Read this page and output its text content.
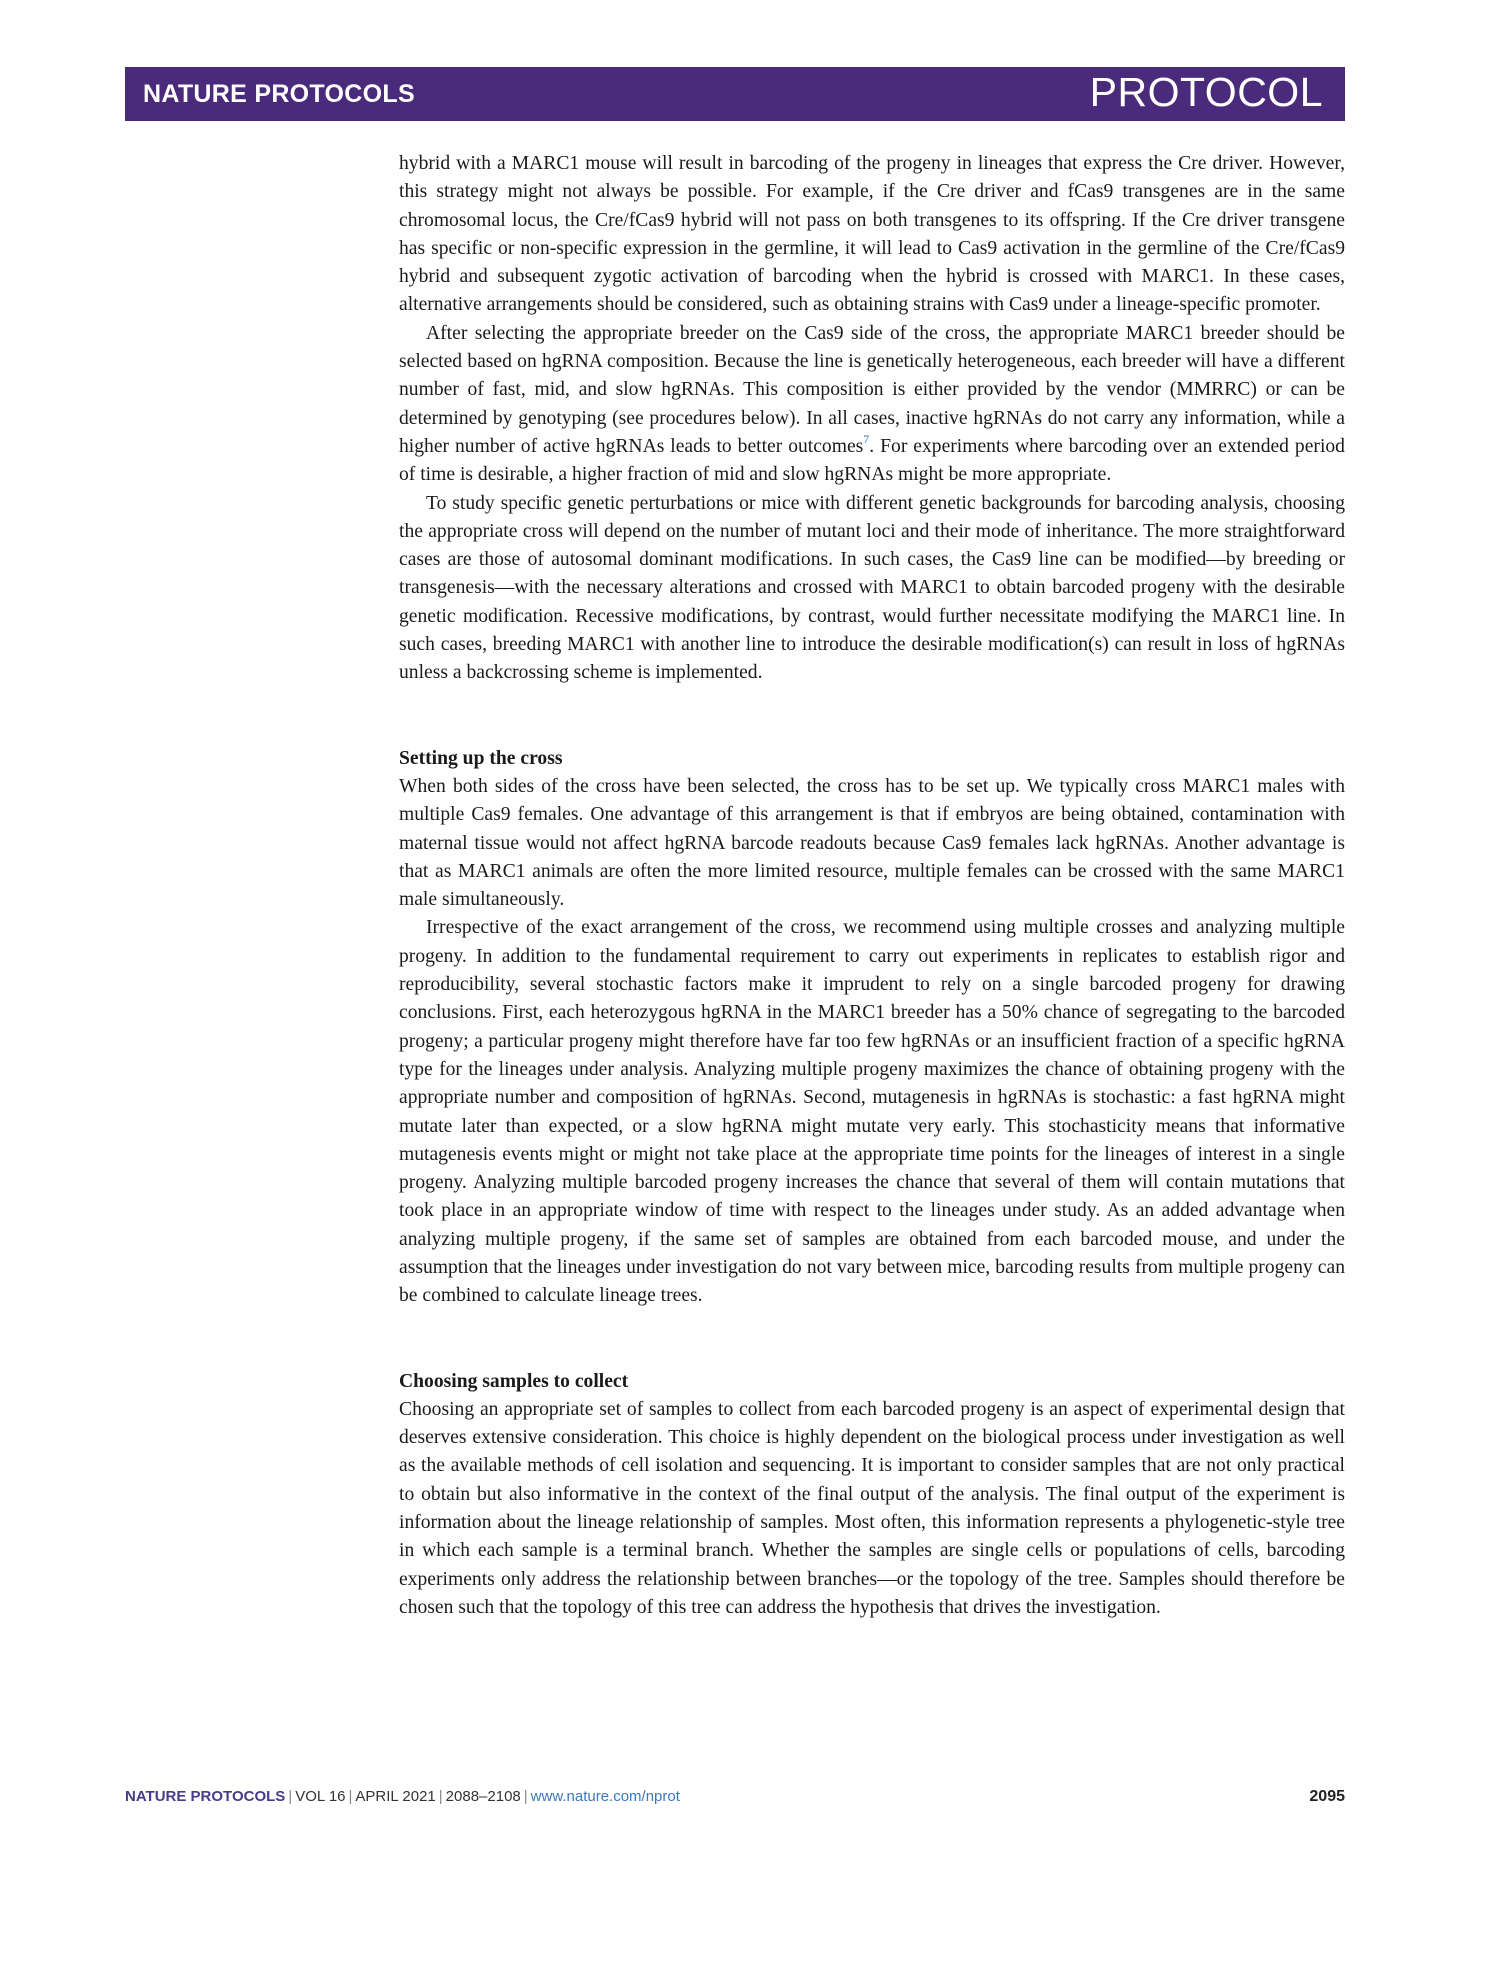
NATURE PROTOCOLS	PROTOCOL

hybrid with a MARC1 mouse will result in barcoding of the progeny in lineages that express the Cre driver. However, this strategy might not always be possible. For example, if the Cre driver and fCas9 transgenes are in the same chromosomal locus, the Cre/fCas9 hybrid will not pass on both transgenes to its offspring. If the Cre driver transgene has specific or non-specific expression in the germline, it will lead to Cas9 activation in the germline of the Cre/fCas9 hybrid and subsequent zygotic activation of barcoding when the hybrid is crossed with MARC1. In these cases, alternative arrangements should be considered, such as obtaining strains with Cas9 under a lineage-specific promoter.

After selecting the appropriate breeder on the Cas9 side of the cross, the appropriate MARC1 breeder should be selected based on hgRNA composition. Because the line is genetically heterogeneous, each breeder will have a different number of fast, mid, and slow hgRNAs. This composition is either provided by the vendor (MMRRC) or can be determined by genotyping (see procedures below). In all cases, inactive hgRNAs do not carry any information, while a higher number of active hgRNAs leads to better outcomes$^7$. For experiments where barcoding over an extended period of time is desirable, a higher fraction of mid and slow hgRNAs might be more appropriate.

To study specific genetic perturbations or mice with different genetic backgrounds for barcoding analysis, choosing the appropriate cross will depend on the number of mutant loci and their mode of inheritance. The more straightforward cases are those of autosomal dominant modifications. In such cases, the Cas9 line can be modified—by breeding or transgenesis—with the necessary alterations and crossed with MARC1 to obtain barcoded progeny with the desirable genetic modification. Recessive modifications, by contrast, would further necessitate modifying the MARC1 line. In such cases, breeding MARC1 with another line to introduce the desirable modification(s) can result in loss of hgRNAs unless a backcrossing scheme is implemented.

Setting up the cross

When both sides of the cross have been selected, the cross has to be set up. We typically cross MARC1 males with multiple Cas9 females. One advantage of this arrangement is that if embryos are being obtained, contamination with maternal tissue would not affect hgRNA barcode readouts because Cas9 females lack hgRNAs. Another advantage is that as MARC1 animals are often the more limited resource, multiple females can be crossed with the same MARC1 male simultaneously.

Irrespective of the exact arrangement of the cross, we recommend using multiple crosses and analyzing multiple progeny. In addition to the fundamental requirement to carry out experiments in replicates to establish rigor and reproducibility, several stochastic factors make it imprudent to rely on a single barcoded progeny for drawing conclusions. First, each heterozygous hgRNA in the MARC1 breeder has a 50% chance of segregating to the barcoded progeny; a particular progeny might therefore have far too few hgRNAs or an insufficient fraction of a specific hgRNA type for the lineages under analysis. Analyzing multiple progeny maximizes the chance of obtaining progeny with the appropriate number and composition of hgRNAs. Second, mutagenesis in hgRNAs is stochastic: a fast hgRNA might mutate later than expected, or a slow hgRNA might mutate very early. This stochasticity means that informative mutagenesis events might or might not take place at the appropriate time points for the lineages of interest in a single progeny. Analyzing multiple barcoded progeny increases the chance that several of them will contain mutations that took place in an appropriate window of time with respect to the lineages under study. As an added advantage when analyzing multiple progeny, if the same set of samples are obtained from each barcoded mouse, and under the assumption that the lineages under investigation do not vary between mice, barcoding results from multiple progeny can be combined to calculate lineage trees.

Choosing samples to collect

Choosing an appropriate set of samples to collect from each barcoded progeny is an aspect of experimental design that deserves extensive consideration. This choice is highly dependent on the biological process under investigation as well as the available methods of cell isolation and sequencing. It is important to consider samples that are not only practical to obtain but also informative in the context of the final output of the analysis. The final output of the experiment is information about the lineage relationship of samples. Most often, this information represents a phylogenetic-style tree in which each sample is a terminal branch. Whether the samples are single cells or populations of cells, barcoding experiments only address the relationship between branches—or the topology of the tree. Samples should therefore be chosen such that the topology of this tree can address the hypothesis that drives the investigation.

NATURE PROTOCOLS | VOL 16 | APRIL 2021 | 2088–2108 | www.nature.com/nprot	2095
